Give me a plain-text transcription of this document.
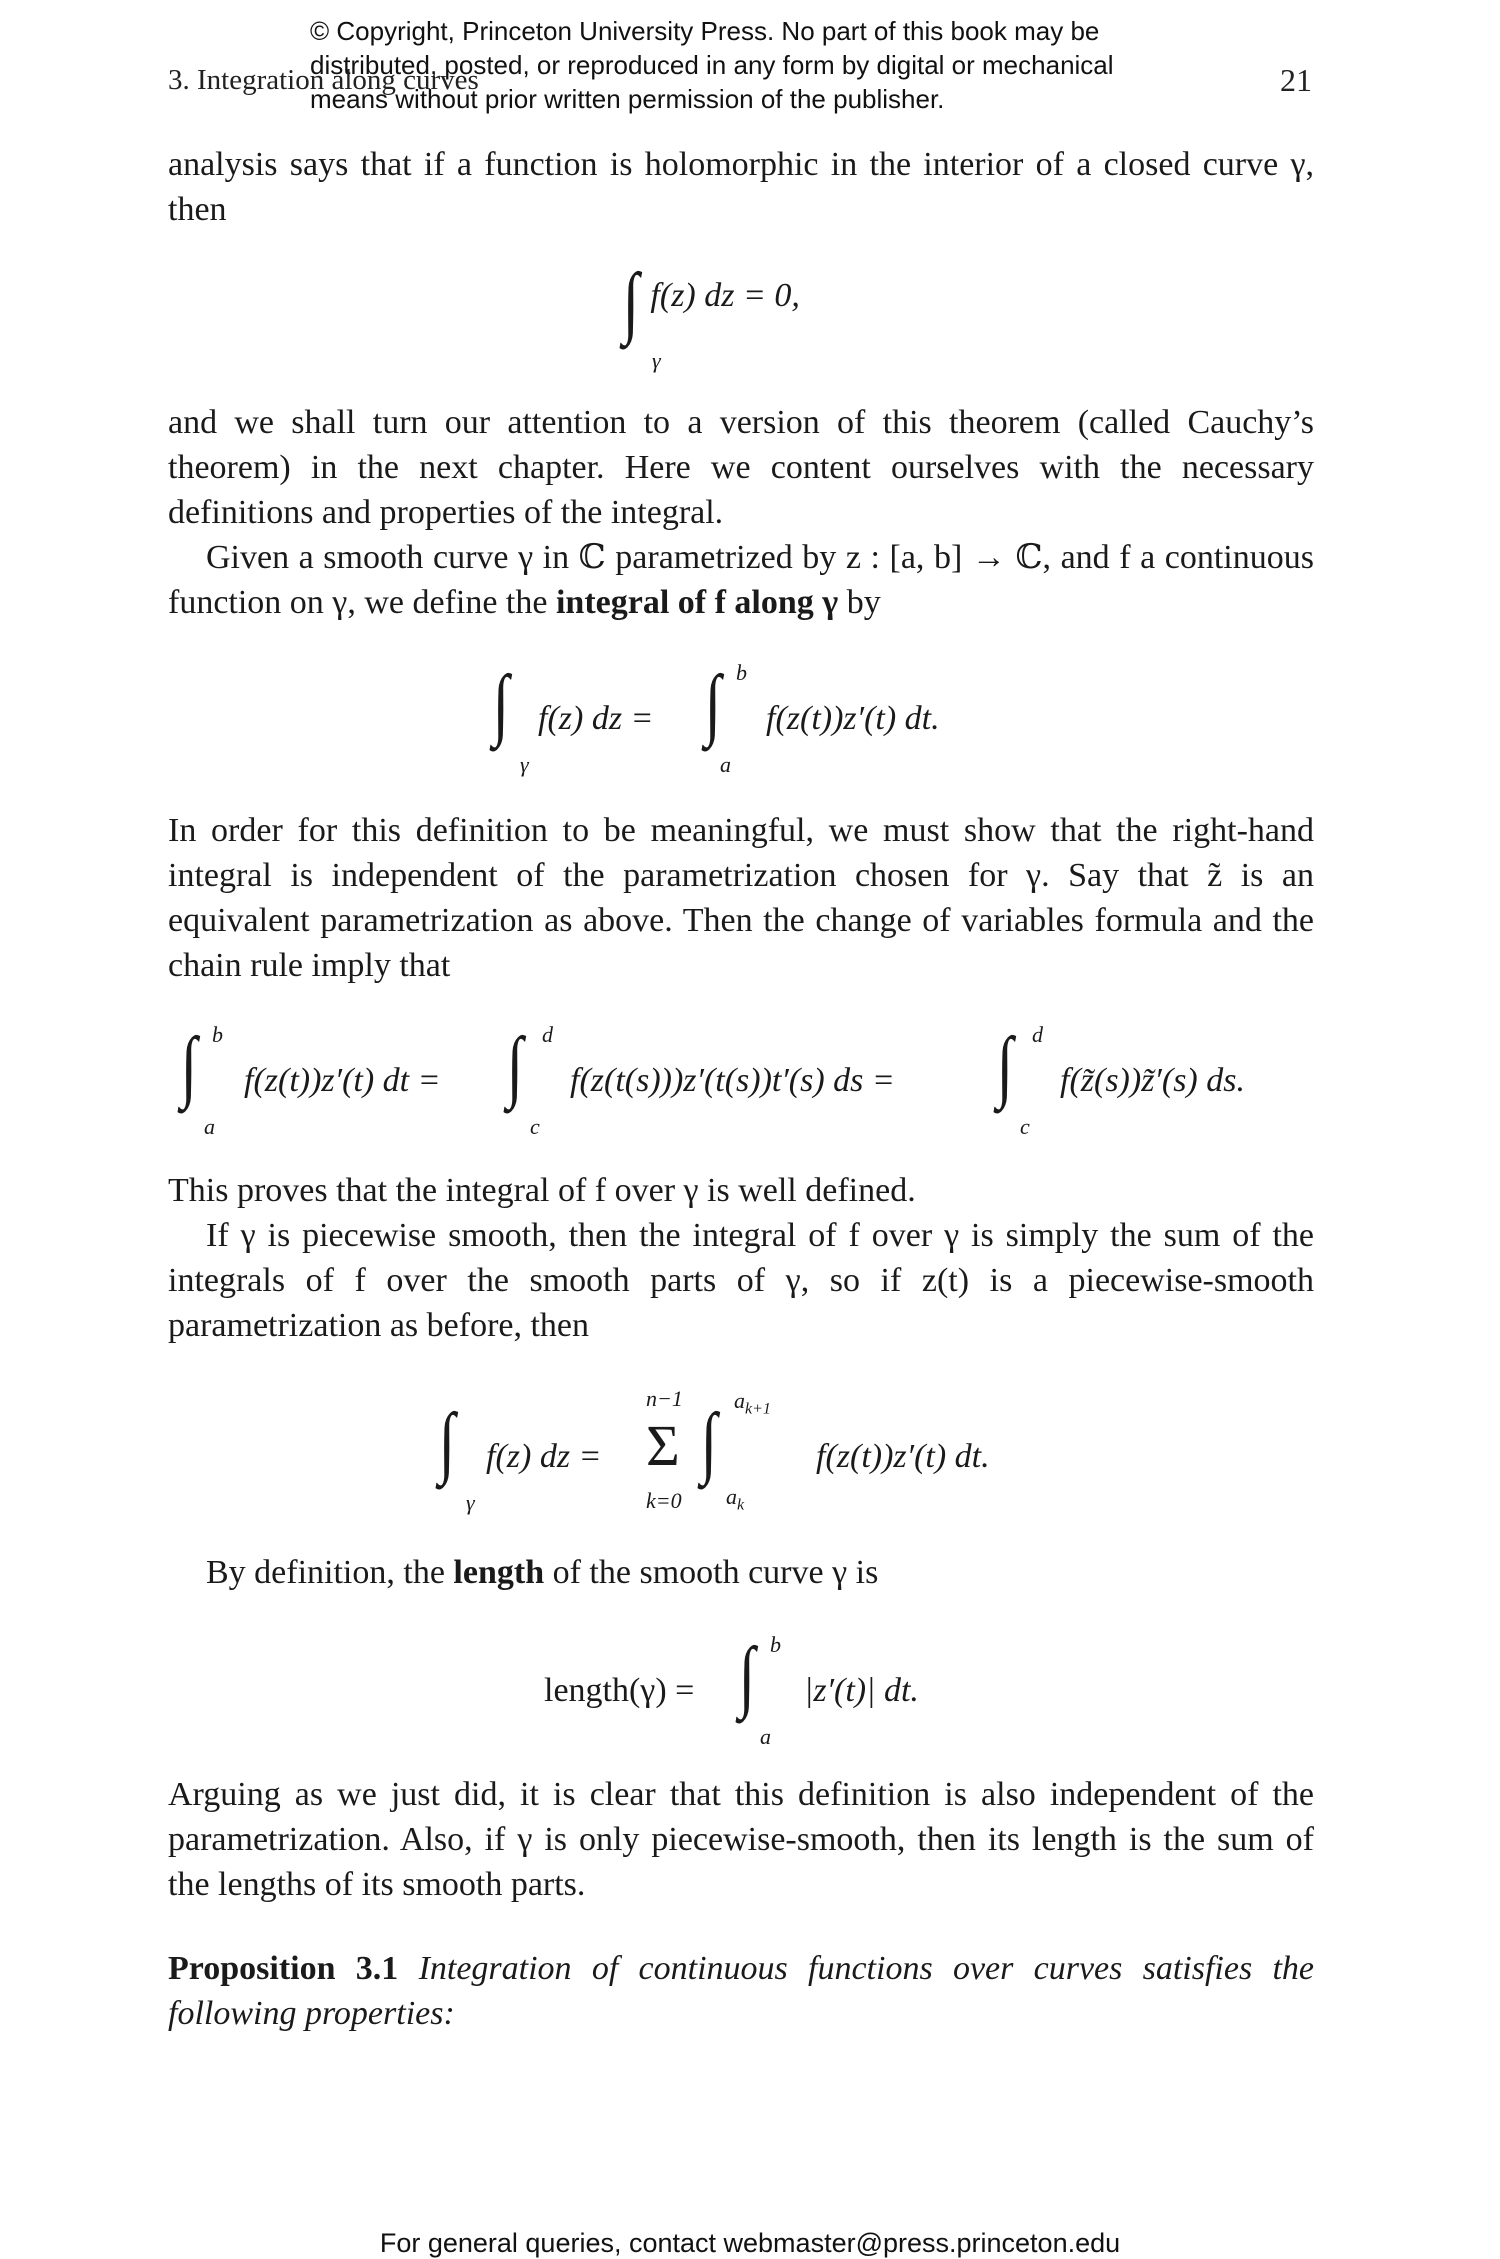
© Copyright, Princeton University Press. No part of this book may be
distributed, posted, or reproduced in any form by digital or mechanical
means without prior written permission of the publisher.
3. Integration along curves	21
analysis says that if a function is holomorphic in the interior of a closed curve γ, then
∫
γ
f(z) dz = 0,
and we shall turn our attention to a version of this theorem (called Cauchy’s theorem) in the next chapter. Here we content ourselves with the necessary definitions and properties of the integral.
Given a smooth curve γ in ℂ parametrized by z : [a, b] → ℂ, and f a continuous function on γ, we define the integral of f along γ by
∫
γ
f(z) dz = ∫ b
a
f(z(t))z′(t) dt.
In order for this definition to be meaningful, we must show that the right-hand integral is independent of the parametrization chosen for γ. Say that z̃ is an equivalent parametrization as above. Then the change of variables formula and the chain rule imply that
∫ b
a
f(z(t))z′(t) dt = ∫ d
c
f(z(t(s)))z′(t(s))t′(s) ds = ∫ d
c
f(z̃(s))z̃′(s) ds.
This proves that the integral of f over γ is well defined.
If γ is piecewise smooth, then the integral of f over γ is simply the sum of the integrals of f over the smooth parts of γ, so if z(t) is a piecewise-smooth parametrization as before, then
∫
γ
f(z) dz =
n−1
Σ
k=0
∫ $a_{k+1}$
$a_k$
f(z(t))z′(t) dt.
By definition, the length of the smooth curve γ is
length(γ) = ∫ b
a
|z′(t)| dt.
Arguing as we just did, it is clear that this definition is also independent of the parametrization. Also, if γ is only piecewise-smooth, then its length is the sum of the lengths of its smooth parts.
Proposition 3.1 Integration of continuous functions over curves satisfies the following properties:
For general queries, contact webmaster@press.princeton.edu
